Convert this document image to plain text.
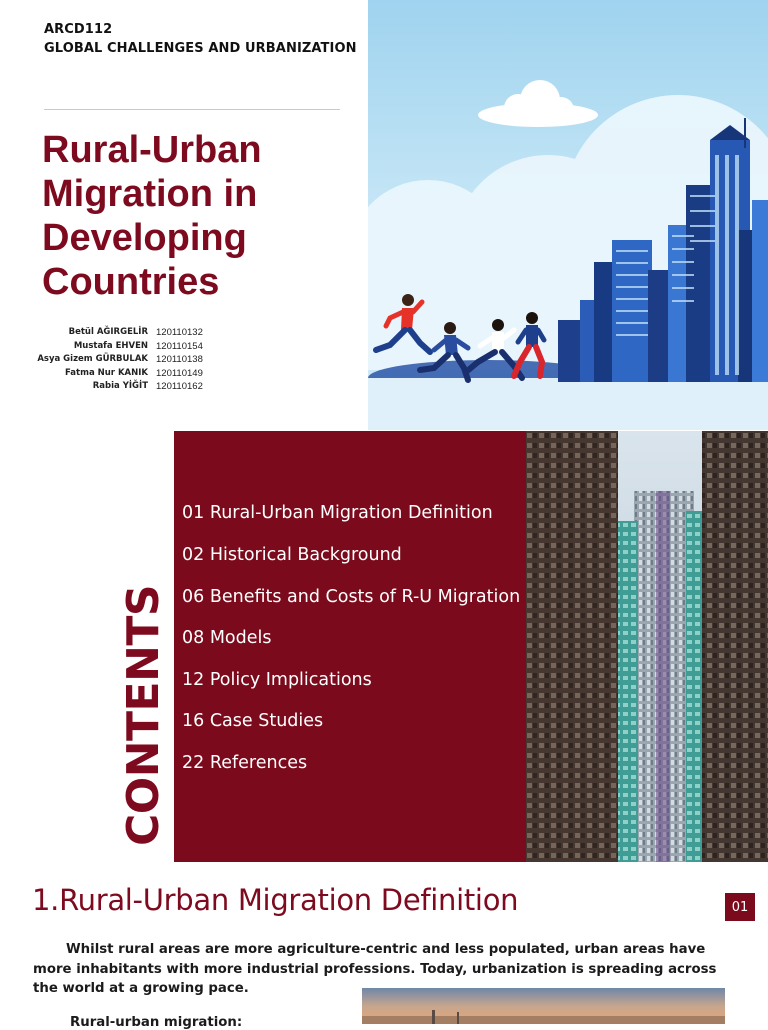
ARCD112
GLOBAL CHALLENGES AND URBANIZATION
Rural-Urban
Migration in
Developing
Countries
Betül AĞIRGELİR 120110132
Mustafa EHVEN 120110154
Asya Gizem GÜRBULAK 120110138
Fatma Nur KANIK 120110149
Rabia YİĞİT 120110162
CONTENTS
01 Rural-Urban Migration Definition
02 Historical Background
06 Benefits and Costs of R-U Migration
08 Models
12 Policy Implications
16 Case Studies
22 References
1.Rural-Urban Migration Definition	01
Whilst rural areas are more agriculture-centric and less populated, urban areas have more inhabitants with more industrial professions. Today, urbanization is spreading across the world at a growing pace.
Rural-urban migration:
